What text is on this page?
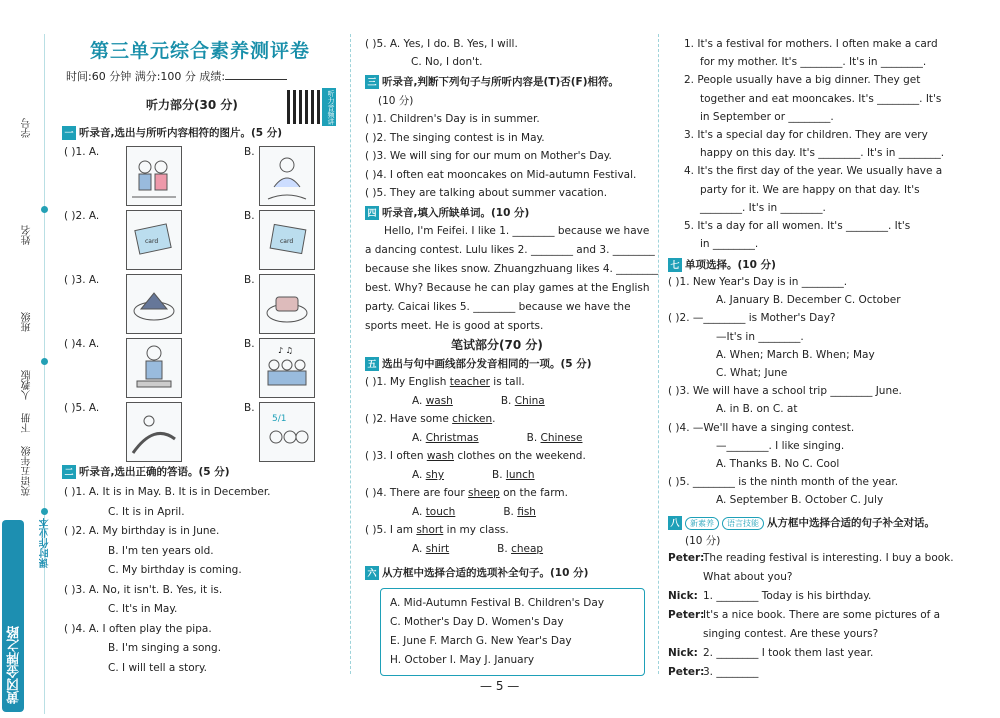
学号
姓名
班级
人教版
下册
英语五年级
课时作业本
黄冈金牌之路
第三单元综合素养测评卷
时间:60 分钟 满分:100 分 成绩:
听力部分(30 分)	听力音频讲
一 听录音,选出与所听内容相符的图片。(5 分)
( )1. A.	B.
( )2. A.	B.
card	card
( )3. A.	B.
( )4. A.	B.
♪ ♫
( )5. A.	B.
5/1
二 听录音,选出正确的答语。(5 分)
( )1. A. It is in May. B. It is in December.
C. It is in April.
( )2. A. My birthday is in June.
B. I'm ten years old.
C. My birthday is coming.
( )3. A. No, it isn't. B. Yes, it is.
C. It's in May.
( )4. A. I often play the pipa.
B. I'm singing a song.
C. I will tell a story.
( )5. A. Yes, I do. B. Yes, I will.
C. No, I don't.
三 听录音,判断下列句子与所听内容是(T)否(F)相符。
(10 分)
( )1. Children's Day is in summer.
( )2. The singing contest is in May.
( )3. We will sing for our mum on Mother's Day.
( )4. I often eat mooncakes on Mid-autumn Festival.
( )5. They are talking about summer vacation.
四 听录音,填入所缺单词。(10 分)
Hello, I'm Feifei. I like 1. ________ because we have
a dancing contest. Lulu likes 2. ________ and 3. ________
because she likes snow. Zhuangzhuang likes 4. ________
best. Why? Because he can play games at the English
party. Caicai likes 5. ________ because we have the
sports meet. He is good at sports.
笔试部分(70 分)
五 选出与句中画线部分发音相同的一项。(5 分)
( )1. My English teacher is tall.
A. wash	B. China
( )2. Have some chicken.
A. Christmas	B. Chinese
( )3. I often wash clothes on the weekend.
A. shy	B. lunch
( )4. There are four sheep on the farm.
A. touch	B. fish
( )5. I am short in my class.
A. shirt	B. cheap
六 从方框中选择合适的选项补全句子。(10 分)
A. Mid-Autumn Festival B. Children's Day
C. Mother's Day D. Women's Day
E. June F. March G. New Year's Day
H. October I. May J. January
1. It's a festival for mothers. I often make a card
for my mother. It's ________. It's in ________.
2. People usually have a big dinner. They get
together and eat mooncakes. It's ________. It's
in September or ________.
3. It's a special day for children. They are very
happy on this day. It's ________. It's in ________.
4. It's the first day of the year. We usually have a
party for it. We are happy on that day. It's
________. It's in ________.
5. It's a day for all women. It's ________. It's
in ________.
七 单项选择。(10 分)
( )1. New Year's Day is in ________.
A. January B. December C. October
( )2. —________ is Mother's Day?
—It's in ________.
A. When; March B. When; May
C. What; June
( )3. We will have a school trip ________ June.
A. in B. on C. at
( )4. —We'll have a singing contest.
—________. I like singing.
A. Thanks B. No C. Cool
( )5. ________ is the ninth month of the year.
A. September B. October C. July
八 新素养 语言技能 从方框中选择合适的句子补全对话。
(10 分)
Peter:
The reading festival is interesting. I buy a book.
What about you?
Nick: 1. ________ Today is his birthday.
Peter:
It's a nice book. There are some pictures of a
singing contest. Are these yours?
Nick: 2. ________ I took them last year.
Peter:
3. ________
— 5 —
